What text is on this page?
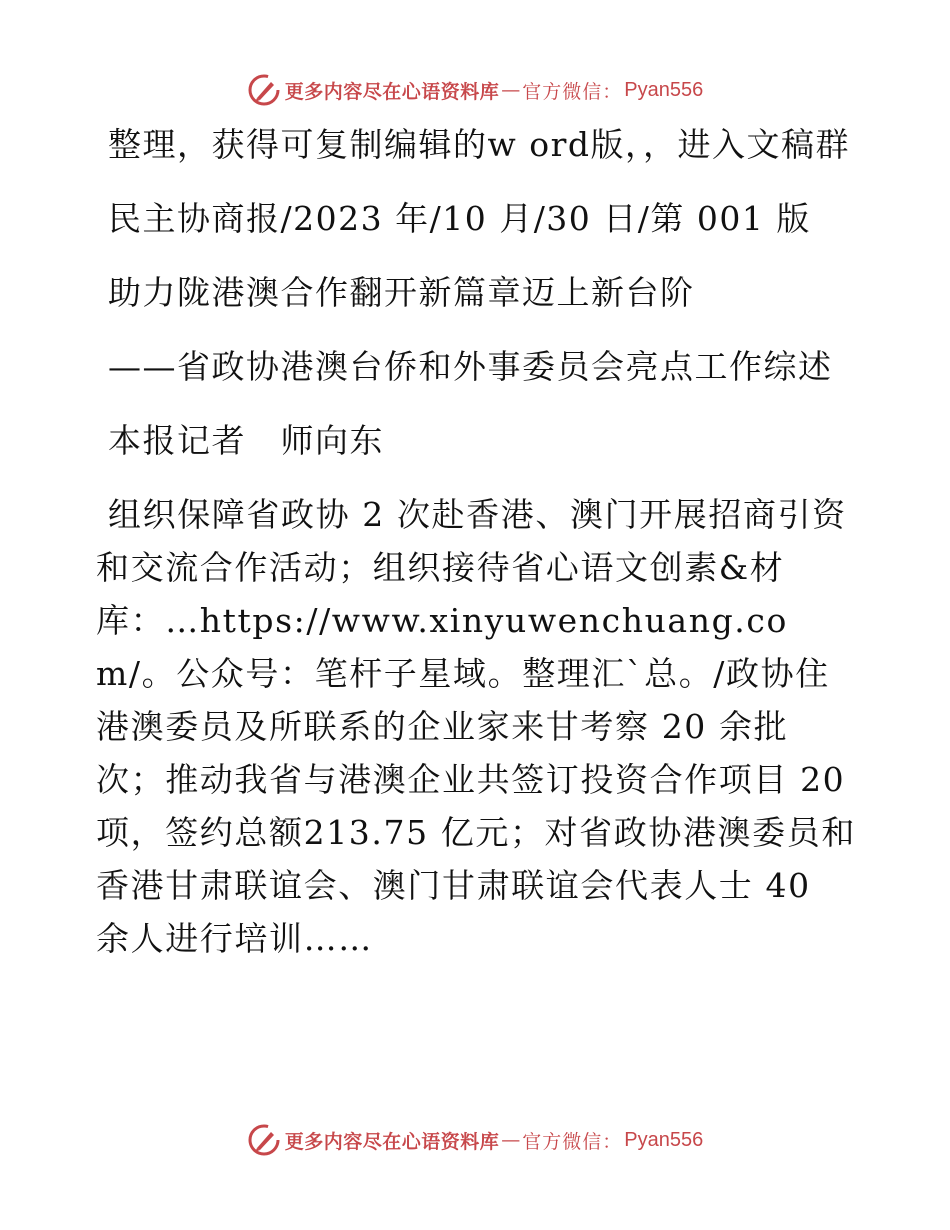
更多内容尽在心语资料库 — 官方微信： Pyan556

整理，获得可复制编辑的w ord版，，进入文稿群

民主协商报/2023 年/10 月/30 日/第 001 版

助力陇港澳合作翻开新篇章迈上新台阶

——省政协港澳台侨和外事委员会亮点工作综述

本报记者　师向东

组织保障省政协 2 次赴香港、澳门开展招商引资和交流合作活动；组织接待省心语文创素&材库：…https://www.xinyuwenchuang.com/。公众号：笔杆子星域。整理汇`总。/政协住港澳委员及所联系的企业家来甘考察 20 余批次；推动我省与港澳企业共签订投资合作项目 20 项，签约总额213.75 亿元；对省政协港澳委员和香港甘肃联谊会、澳门甘肃联谊会代表人士 40 余人进行培训……

更多内容尽在心语资料库 — 官方微信： Pyan556
